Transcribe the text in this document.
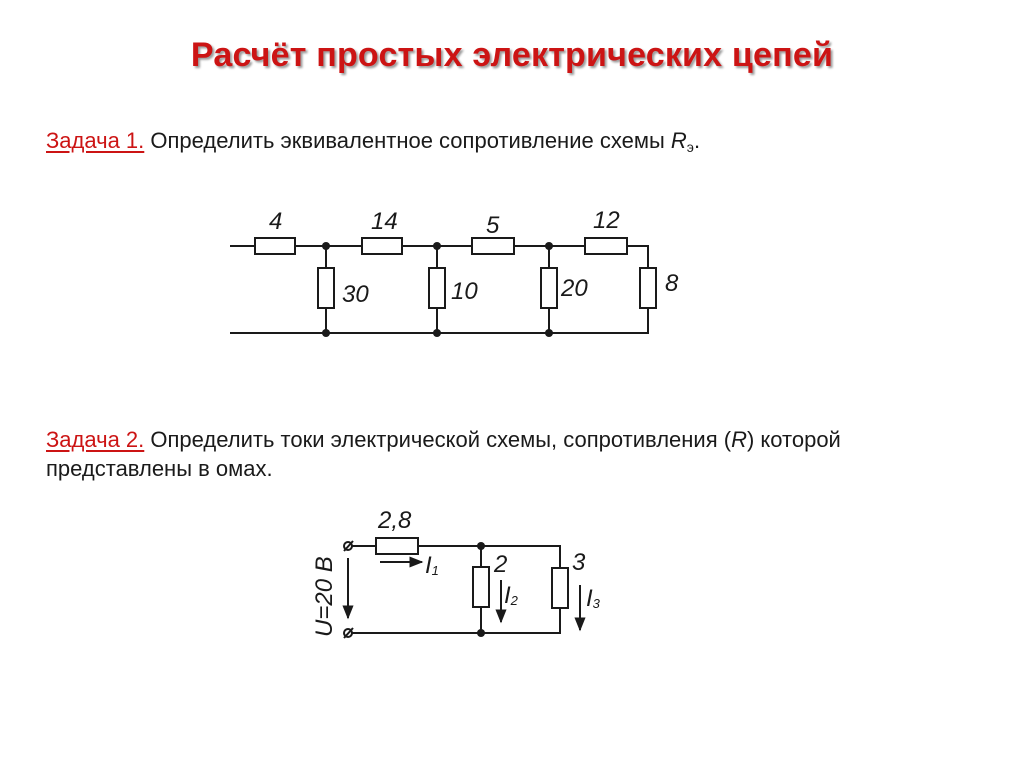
Расчёт простых электрических цепей
Задача 1. Определить эквивалентное сопротивление схемы $R_э$.
Задача 2. Определить токи электрической схемы, сопротивления (R) которой представлены в омах.
4	14	5	12
30	10	20	8
2,8
2	3
U=20 B	I1
I2	I3
